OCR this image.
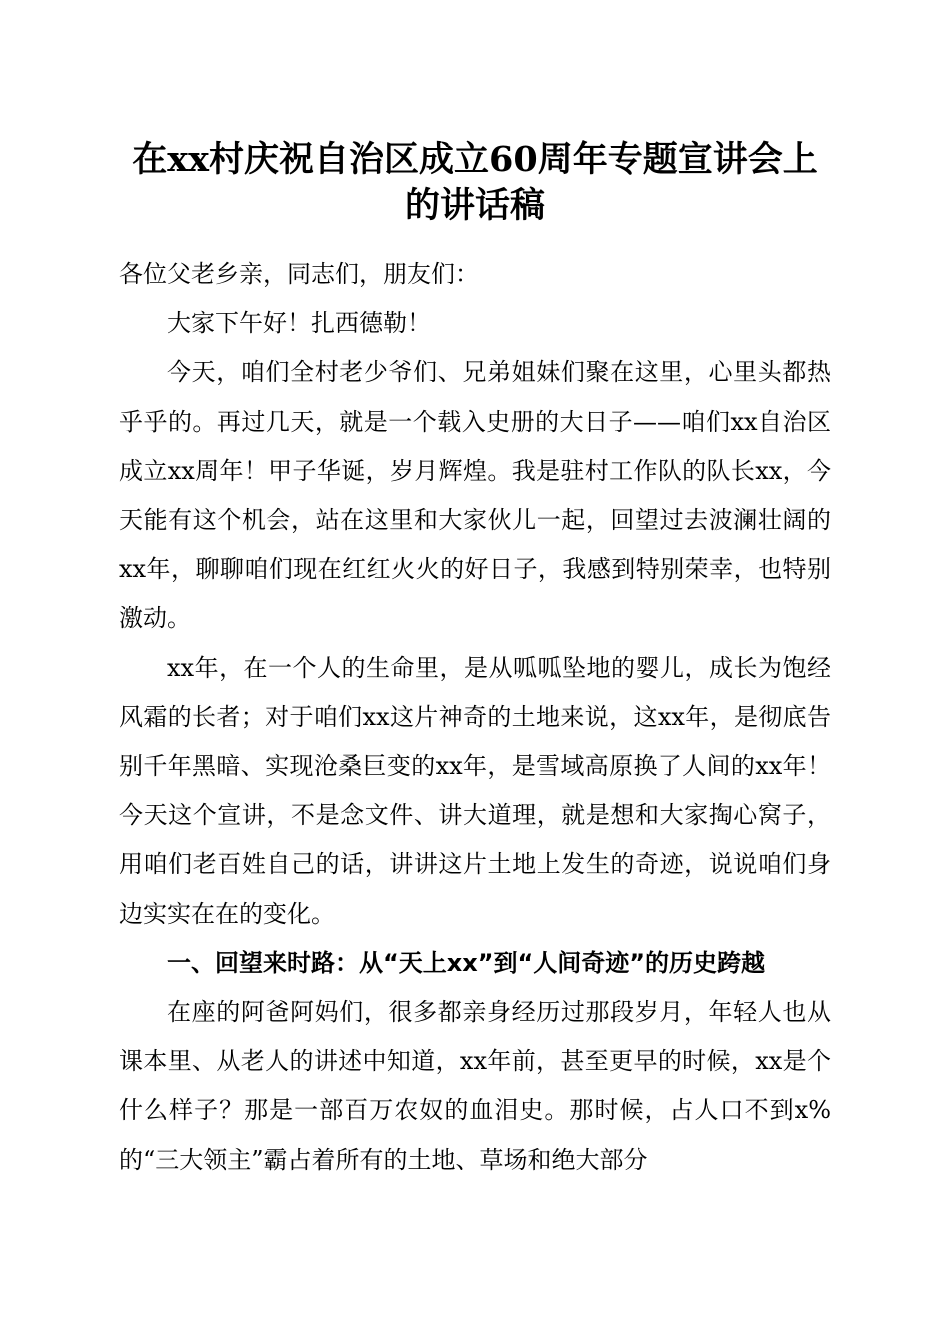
在xx村庆祝自治区成立60周年专题宣讲会上
的讲话稿

各位父老乡亲，同志们，朋友们：

大家下午好！扎西德勒！

今天，咱们全村老少爷们、兄弟姐妹们聚在这里，心里头都热乎乎的。再过几天，就是一个载入史册的大日子——咱们xx自治区成立xx周年！甲子华诞，岁月辉煌。我是驻村工作队的队长xx，今天能有这个机会，站在这里和大家伙儿一起，回望过去波澜壮阔的xx年，聊聊咱们现在红红火火的好日子，我感到特别荣幸，也特别激动。

xx年，在一个人的生命里，是从呱呱坠地的婴儿，成长为饱经风霜的长者；对于咱们xx这片神奇的土地来说，这xx年，是彻底告别千年黑暗、实现沧桑巨变的xx年，是雪域高原换了人间的xx年！今天这个宣讲，不是念文件、讲大道理，就是想和大家掏心窝子，用咱们老百姓自己的话，讲讲这片土地上发生的奇迹，说说咱们身边实实在在的变化。

一、回望来时路：从“天上xx”到“人间奇迹”的历史跨越

在座的阿爸阿妈们，很多都亲身经历过那段岁月，年轻人也从课本里、从老人的讲述中知道，xx年前，甚至更早的时候，xx是个什么样子？那是一部百万农奴的血泪史。那时候，占人口不到x%的“三大领主”霸占着所有的土地、草场和绝大部分
